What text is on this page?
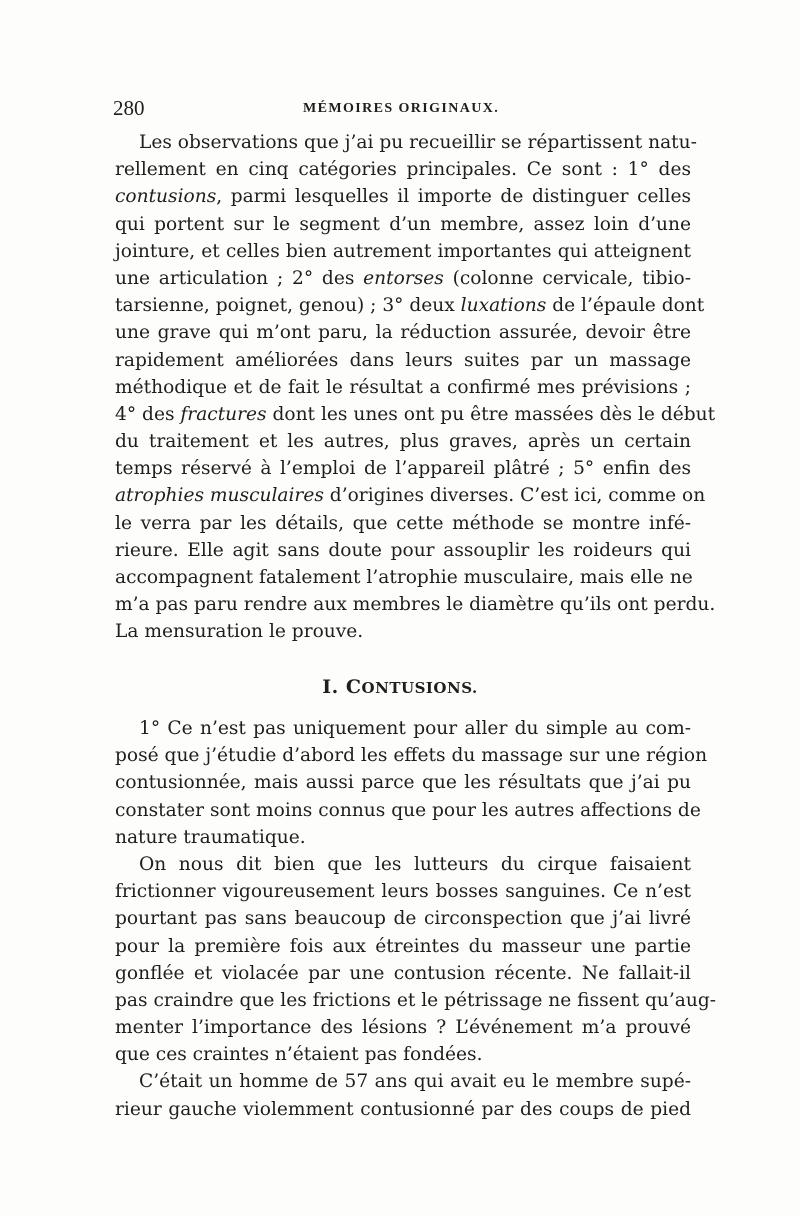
280	MÉMOIRES ORIGINAUX.
Les observations que j’ai pu recueillir se répartissent natu-
rellement en cinq catégories principales. Ce sont : 1° des
contusions, parmi lesquelles il importe de distinguer celles
qui portent sur le segment d’un membre, assez loin d’une
jointure, et celles bien autrement importantes qui atteignent
une articulation ; 2° des entorses (colonne cervicale, tibio-
tarsienne, poignet, genou) ; 3° deux luxations de l’épaule dont
une grave qui m’ont paru, la réduction assurée, devoir être
rapidement améliorées dans leurs suites par un massage
méthodique et de fait le résultat a confirmé mes prévisions ;
4° des fractures dont les unes ont pu être massées dès le début
du traitement et les autres, plus graves, après un certain
temps réservé à l’emploi de l’appareil plâtré ; 5° enfin des
atrophies musculaires d’origines diverses. C’est ici, comme on
le verra par les détails, que cette méthode se montre infé-
rieure. Elle agit sans doute pour assouplir les roideurs qui
accompagnent fatalement l’atrophie musculaire, mais elle ne
m’a pas paru rendre aux membres le diamètre qu’ils ont perdu.
La mensuration le prouve.
I. CONTUSIONS.
1° Ce n’est pas uniquement pour aller du simple au com-
posé que j’étudie d’abord les effets du massage sur une région
contusionnée, mais aussi parce que les résultats que j’ai pu
constater sont moins connus que pour les autres affections de
nature traumatique.
On nous dit bien que les lutteurs du cirque faisaient
frictionner vigoureusement leurs bosses sanguines. Ce n’est
pourtant pas sans beaucoup de circonspection que j’ai livré
pour la première fois aux étreintes du masseur une partie
gonflée et violacée par une contusion récente. Ne fallait-il
pas craindre que les frictions et le pétrissage ne fissent qu’aug-
menter l’importance des lésions ? L’événement m’a prouvé
que ces craintes n’étaient pas fondées.
C’était un homme de 57 ans qui avait eu le membre supé-
rieur gauche violemment contusionné par des coups de pied
